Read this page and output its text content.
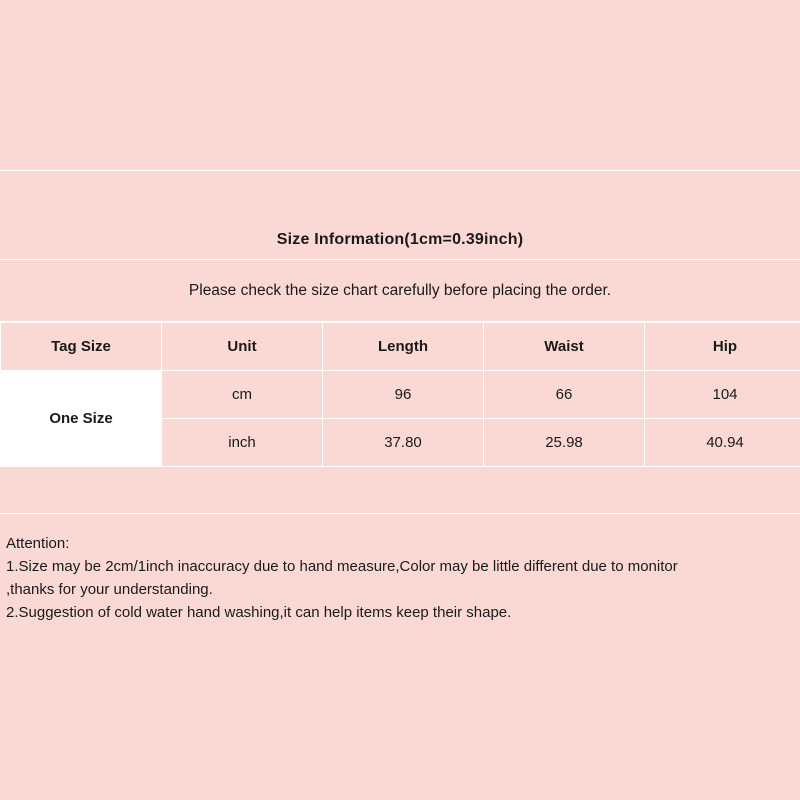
Size Information(1cm=0.39inch)
Please check the size chart carefully before placing the order.
Tag Size	Unit	Length	Waist	Hip
One Size	cm	96	66	104
	inch	37.80	25.98	40.94
Attention:
1.Size may be 2cm/1inch inaccuracy due to hand measure,Color may be little different due to monitor
,thanks for your understanding.
2.Suggestion of cold water hand washing,it can help items keep their shape.
